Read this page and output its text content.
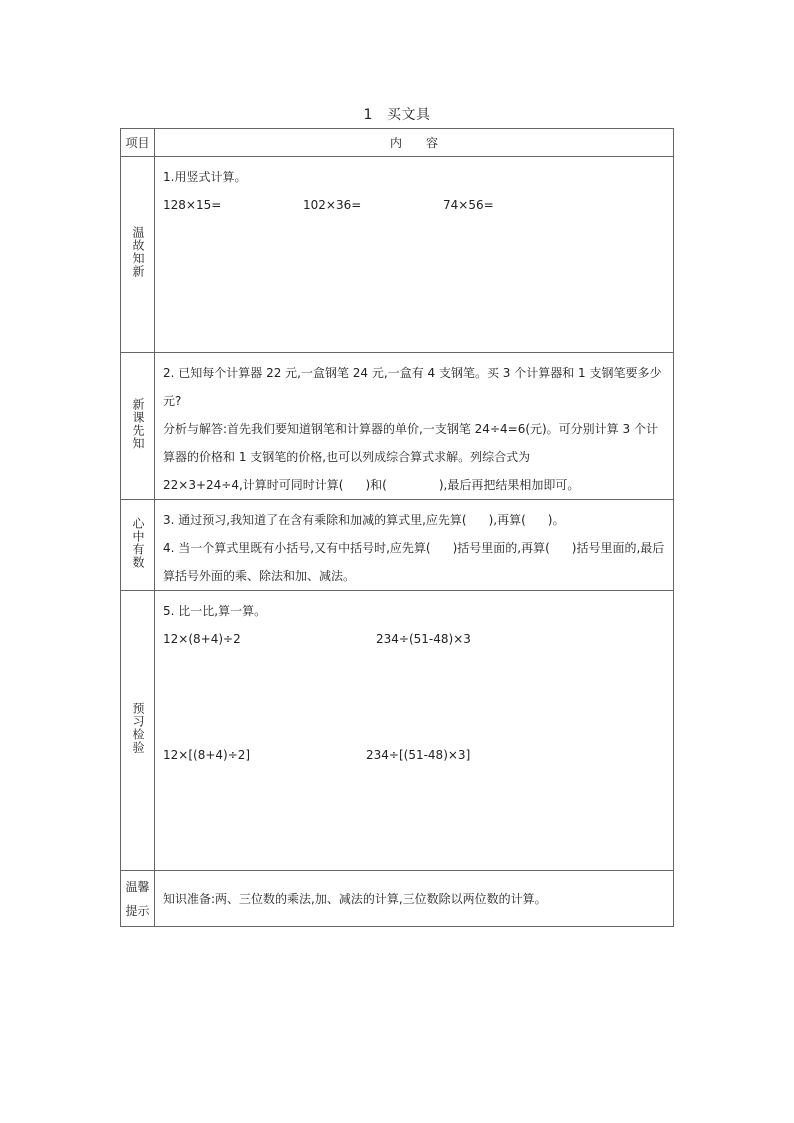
1 买文具
项目	内　　容
温故知新	1.用竖式计算。
128×15= 102×36= 74×56=

新课先知	2. 已知每个计算器 22 元,一盒钢笔 24 元,一盒有 4 支钢笔。买 3 个计算器和 1 支钢笔要多少元?
分析与解答:首先我们要知道钢笔和计算器的单价,一支钢笔 24÷4=6(元)。可分别计算 3 个计算器的价格和 1 支钢笔的价格,也可以列成综合算式求解。列综合式为
22×3+24÷4,计算时可同时计算( )和( ),最后再把结果相加即可。

心中有数	3. 通过预习,我知道了在含有乘除和加减的算式里,应先算( ),再算( )。
4. 当一个算式里既有小括号,又有中括号时,应先算( )括号里面的,再算( )括号里面的,最后算括号外面的乘、除法和加、减法。

预习检验	5. 比一比,算一算。
12×(8+4)÷2 234÷(51-48)×3
12×[(8+4)÷2] 234÷[(51-48)×3]

温馨
提示	知识准备:两、三位数的乘法,加、减法的计算,三位数除以两位数的计算。
